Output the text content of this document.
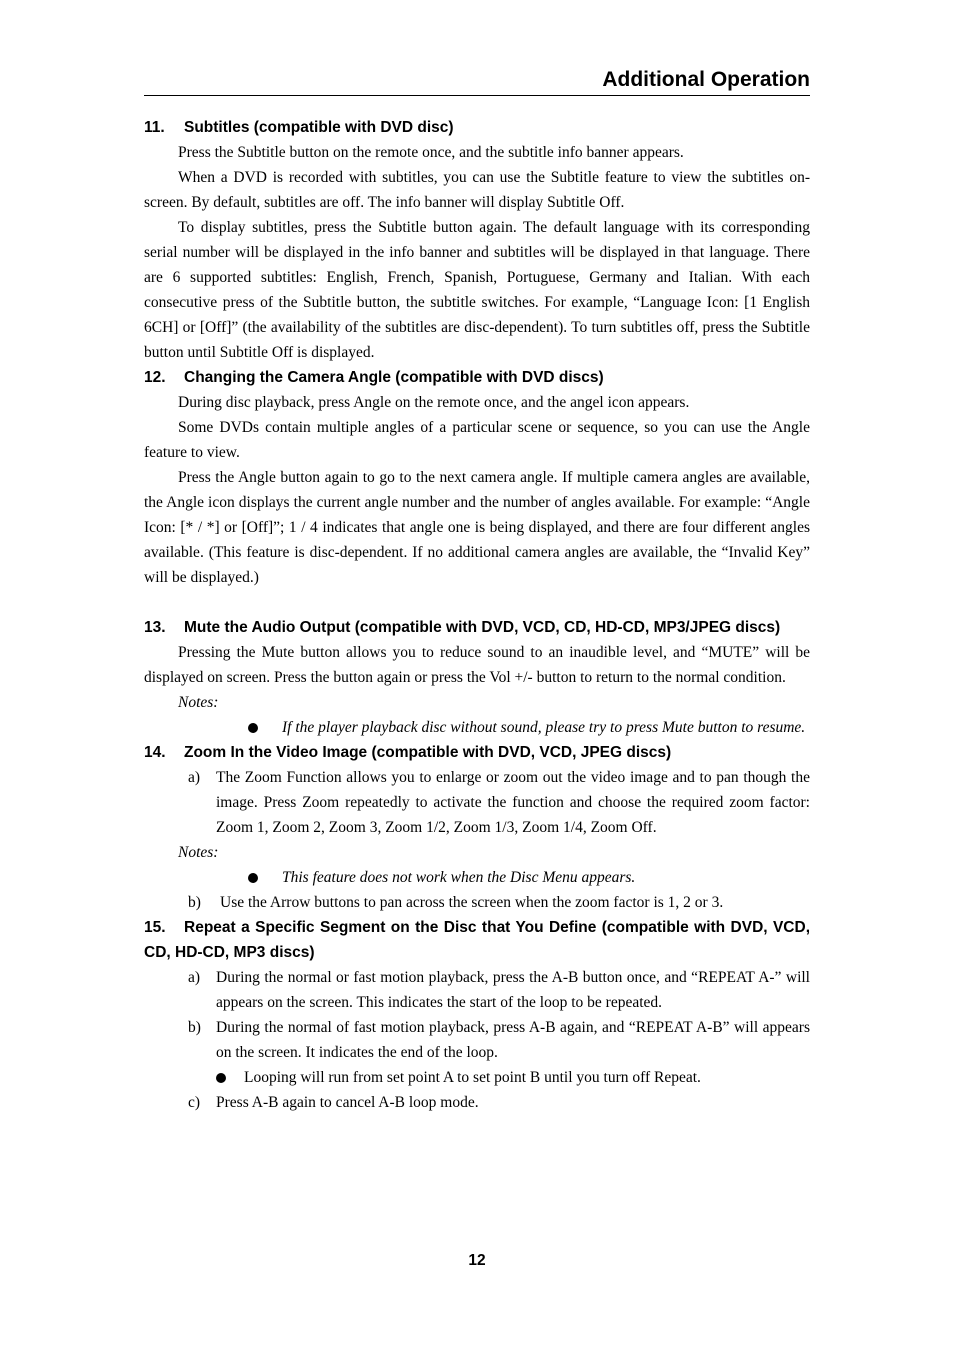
Additional Operation

11. Subtitles (compatible with DVD disc)

Press the Subtitle button on the remote once, and the subtitle info banner appears.

When a DVD is recorded with subtitles, you can use the Subtitle feature to view the subtitles on-screen. By default, subtitles are off. The info banner will display Subtitle Off.

To display subtitles, press the Subtitle button again. The default language with its corresponding serial number will be displayed in the info banner and subtitles will be displayed in that language. There are 6 supported subtitles: English, French, Spanish, Portuguese, Germany and Italian. With each consecutive press of the Subtitle button, the subtitle switches. For example, “Language Icon: [1 English 6CH] or [Off]” (the availability of the subtitles are disc-dependent). To turn subtitles off, press the Subtitle button until Subtitle Off is displayed.

12. Changing the Camera Angle (compatible with DVD discs)

During disc playback, press Angle on the remote once, and the angel icon appears.

Some DVDs contain multiple angles of a particular scene or sequence, so you can use the Angle feature to view.

Press the Angle button again to go to the next camera angle. If multiple camera angles are available, the Angle icon displays the current angle number and the number of angles available. For example: “Angle Icon: [* / *] or [Off]”; 1 / 4 indicates that angle one is being displayed, and there are four different angles available. (This feature is disc-dependent. If no additional camera angles are available, the “Invalid Key” will be displayed.)

13. Mute the Audio Output (compatible with DVD, VCD, CD, HD-CD, MP3/JPEG discs)

Pressing the Mute button allows you to reduce sound to an inaudible level, and “MUTE” will be displayed on screen. Press the button again or press the Vol +/- button to return to the normal condition.

Notes:

If the player playback disc without sound, please try to press Mute button to resume.

14. Zoom In the Video Image (compatible with DVD, VCD, JPEG discs)

a)	The Zoom Function allows you to enlarge or zoom out the video image and to pan though the image. Press Zoom repeatedly to activate the function and choose the required zoom factor: Zoom 1, Zoom 2, Zoom 3, Zoom 1/2, Zoom 1/3, Zoom 1/4, Zoom Off.

Notes:

This feature does not work when the Disc Menu appears.
b)	Use the Arrow buttons to pan across the screen when the zoom factor is 1, 2 or 3.

15. Repeat a Specific Segment on the Disc that You Define (compatible with DVD, VCD, CD, HD-CD, MP3 discs)

a)	During the normal or fast motion playback, press the A-B button once, and “REPEAT A-” will appears on the screen. This indicates the start of the loop to be repeated.
b) During the normal of fast motion playback, press A-B again, and “REPEAT A-B” will appears on the screen. It indicates the end of the loop.
Looping will run from set point A to set point B until you turn off Repeat.
c)	Press A-B again to cancel A-B loop mode.

12
